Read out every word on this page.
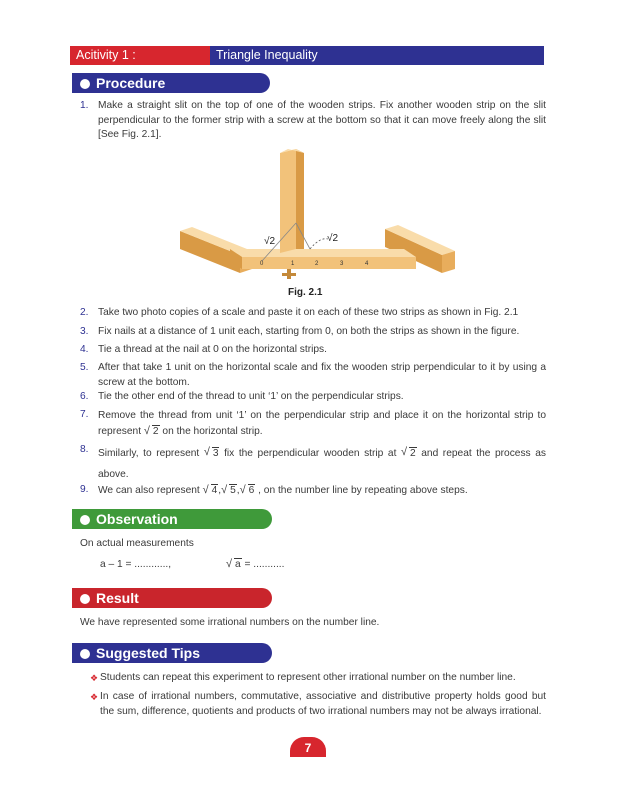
Acitivity 1 :	Triangle Inequality
Procedure
1. Make a straight slit on the top of one of the wooden strips. Fix another wooden strip on the slit perpendicular to the former strip with a screw at the bottom so that it can move freely along the slit [See Fig. 2.1].
0	1	2	3	4
√2	√2
Fig. 2.1
2. Take two photo copies of a scale and paste it on each of these two strips as shown in Fig. 2.1
3. Fix nails at a distance of 1 unit each, starting from 0, on both the strips as shown in the figure.
4. Tie a thread at the nail at 0 on the horizontal strips.
5. After that take 1 unit on the horizontal scale and fix the wooden strip perpendicular to it by using a screw at the bottom.
6. Tie the other end of the thread to unit ‘1’ on the perpendicular strips.
7. Remove the thread from unit ‘1’ on the perpendicular strip and place it on the horizontal strip to represent √ 2 on the horizontal strip.
8. Similarly, to represent √ 3 fix the perpendicular wooden strip at √ 2 and repeat the process as above.
9. We can also represent √ 4, √ 5, √ 6 , on the number line by repeating above steps.
Observation
On actual measurements
a – 1 = ............,	√ a = ...........
Result
We have represented some irrational numbers on the number line.
Suggested Tips
❖ Students can repeat this experiment to represent other irrational number on the number line.
❖ In case of irrational numbers, commutative, associative and distributive property holds good but the sum, difference, quotients and products of two irrational numbers may not be always irrational.
7
